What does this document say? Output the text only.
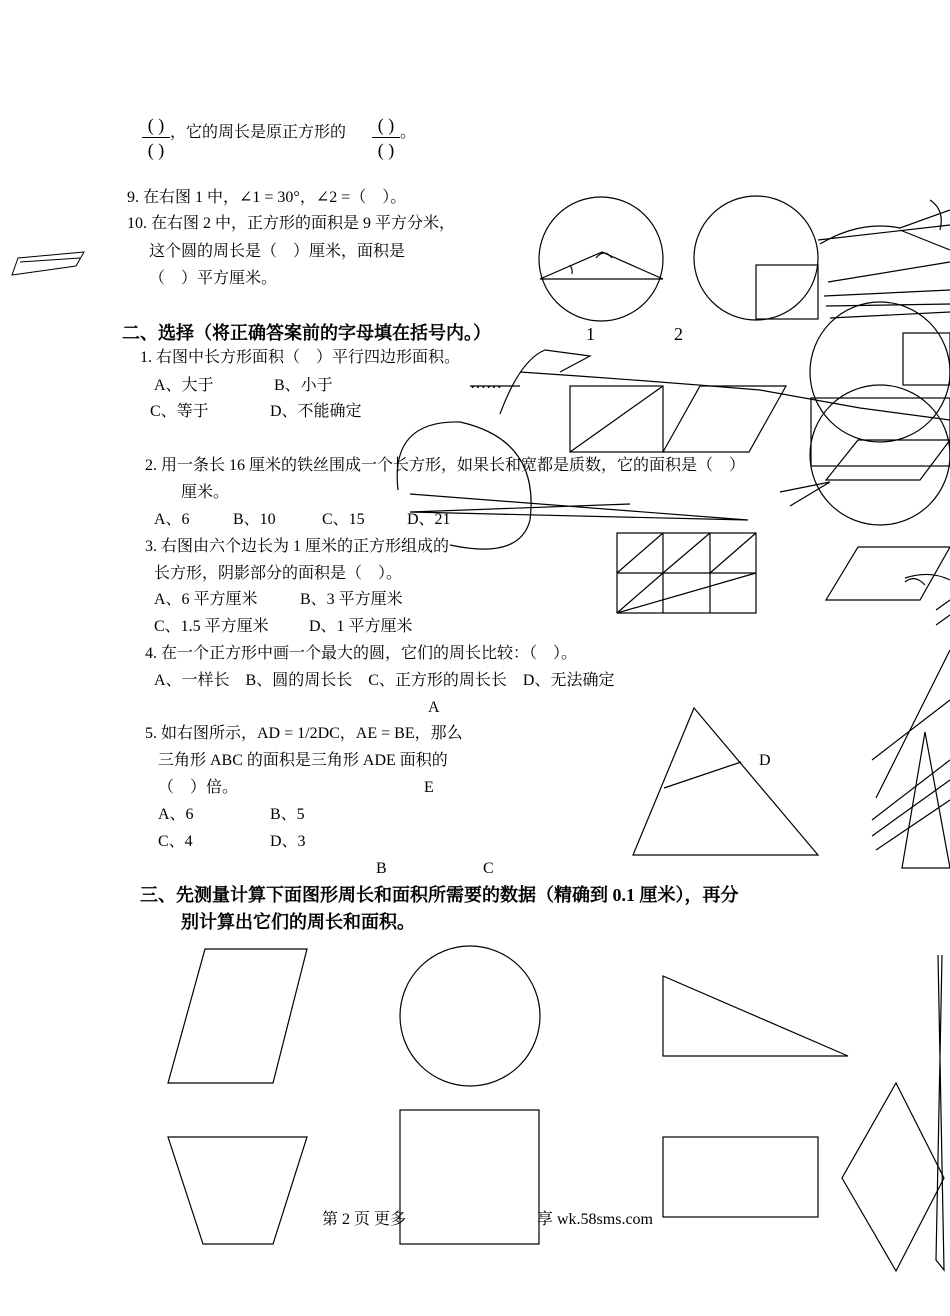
( )
( )
，它的周长是原正方形的	( )
( )
。
9. 在右图 1 中，∠1 = 30°，∠2 =（　）。
10. 在右图 2 中，正方形的面积是 9 平方分米，
这个圆的周长是（　）厘米，面积是
（　）平方厘米。
二、选择（将正确答案前的字母填在括号内。）	1	2
1. 右图中长方形面积（　）平行四边形面积。
A、大于	B、小于	……
C、等于	D、不能确定
2. 用一条长 16 厘米的铁丝围成一个长方形，如果长和宽都是质数，它的面积是（　）
厘米。
A、6	B、10	C、15	D、21
3. 右图由六个边长为 1 厘米的正方形组成的
长方形，阴影部分的面积是（　）。
A、6 平方厘米	B、3 平方厘米
C、1.5 平方厘米	D、1 平方厘米
4. 在一个正方形中画一个最大的圆，它们的周长比较：（　）。
A、一样长　B、圆的周长长　C、正方形的周长长　D、无法确定
A
5. 如右图所示，AD = 1/2DC，AE = BE，那么
D
三角形 ABC 的面积是三角形 ADE 面积的
（　）倍。	E
A、6	B、5
C、4	D、3
B	C
三、先测量计算下面图形周长和面积所需要的数据（精确到 0.1 厘米），再分
别计算出它们的周长和面积。
第 2 页 更多	享 wk.58sms.com
